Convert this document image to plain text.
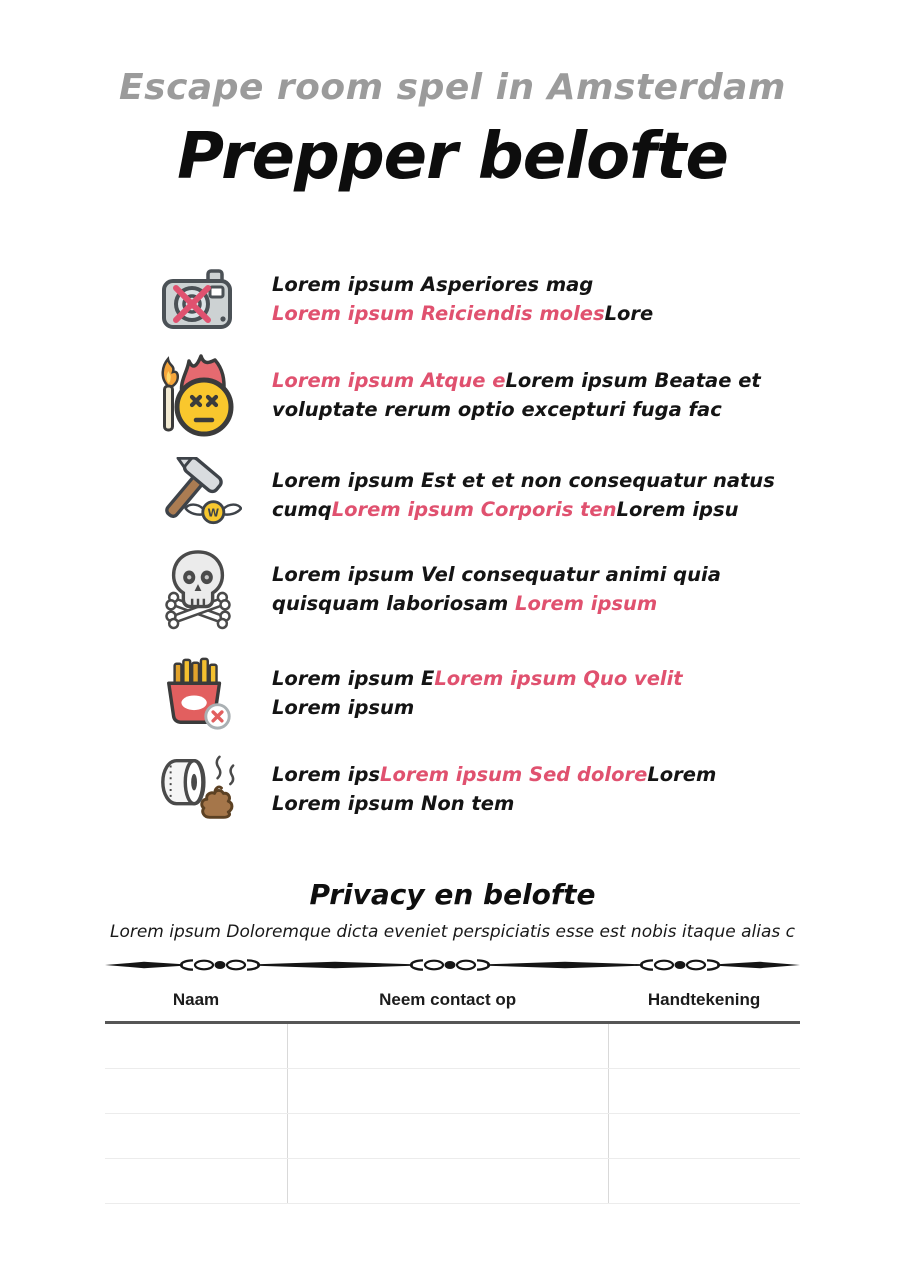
Escape room spel in Amsterdam
Prepper belofte
Lorem ipsum Asperiores mag
Lorem ipsum Reiciendis molesLore
Lorem ipsum Atque eLorem ipsum Beatae et
voluptate rerum optio excepturi fuga fac
W
Lorem ipsum Est et et non consequatur natus
cumqLorem ipsum Corporis tenLorem ipsu
Lorem ipsum Vel consequatur animi quia
quisquam laboriosam Lorem ipsum
Lorem ipsum ELorem ipsum Quo velit
Lorem ipsum
Lorem ipsLorem ipsum Sed doloreLorem
Lorem ipsum Non tem
Privacy en belofte
Lorem ipsum Doloremque dicta eveniet perspiciatis esse est nobis itaque alias c
Naam	Neem contact op	Handtekening
